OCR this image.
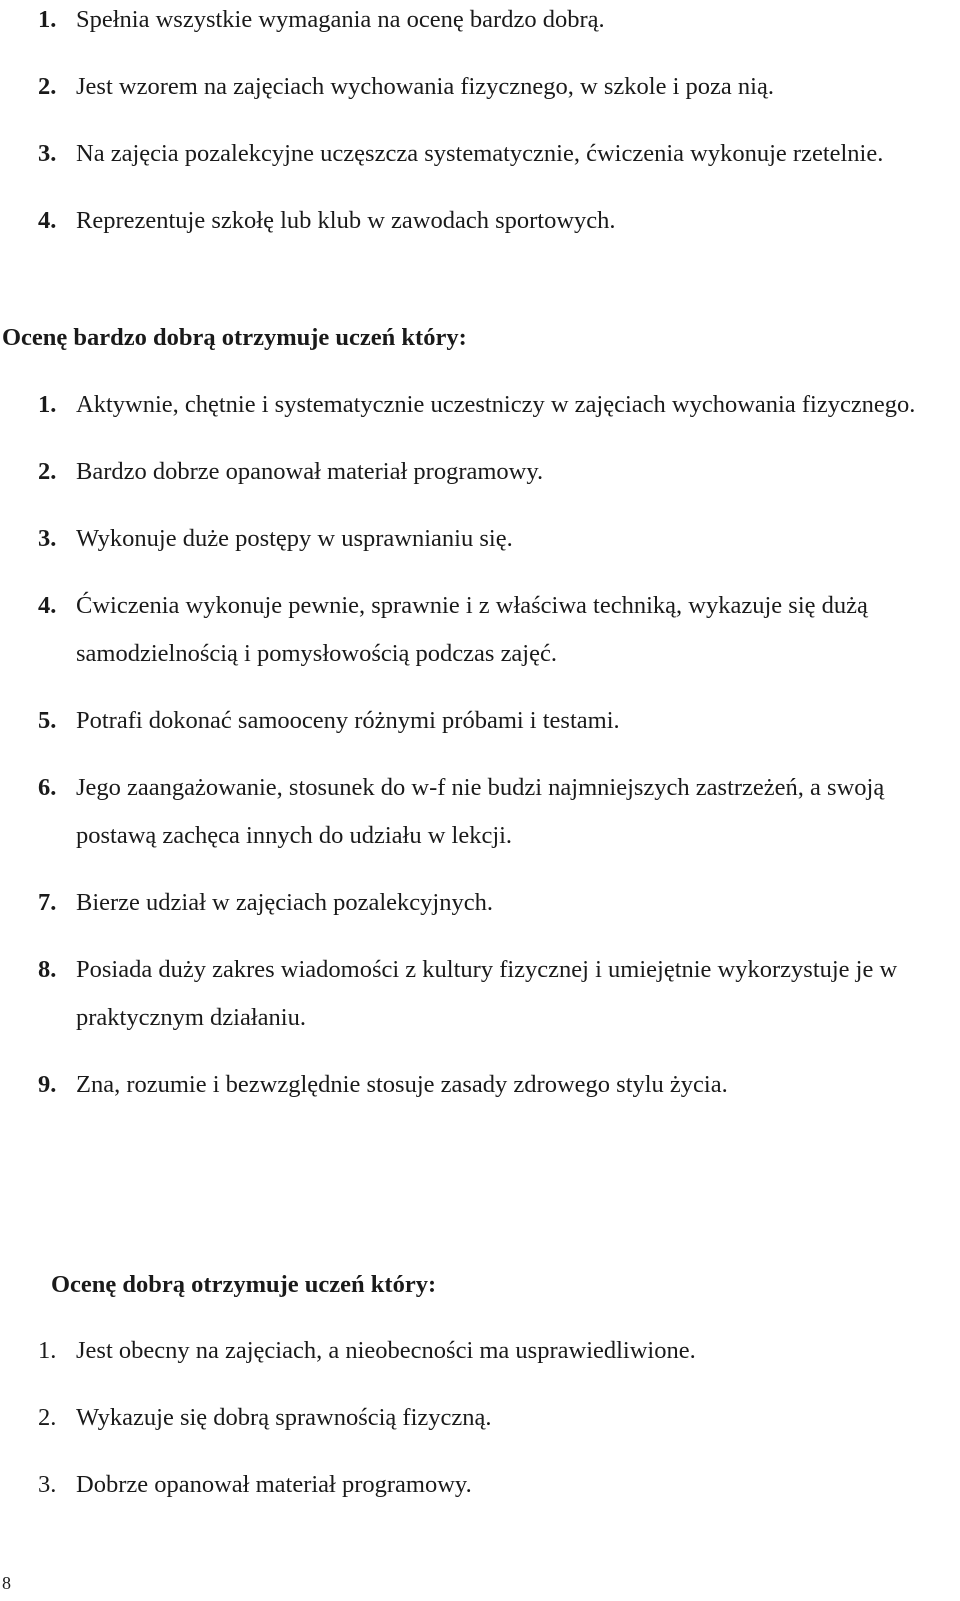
1. Spełnia wszystkie wymagania na ocenę bardzo dobrą.
2. Jest wzorem na zajęciach wychowania fizycznego, w szkole i poza nią.
3. Na zajęcia pozalekcyjne uczęszcza systematycznie, ćwiczenia wykonuje rzetelnie.
4. Reprezentuje szkołę lub klub w zawodach sportowych.
Ocenę bardzo dobrą otrzymuje uczeń który:
1. Aktywnie, chętnie i systematycznie uczestniczy w zajęciach wychowania fizycznego.
2. Bardzo dobrze opanował materiał programowy.
3. Wykonuje duże postępy w usprawnianiu się.
4. Ćwiczenia wykonuje pewnie, sprawnie i z właściwa techniką, wykazuje się dużą samodzielnością i pomysłowością podczas zajęć.
5. Potrafi dokonać samooceny różnymi próbami i testami.
6. Jego zaangażowanie, stosunek do w-f nie budzi najmniejszych zastrzeżeń, a swoją postawą zachęca innych do udziału w lekcji.
7. Bierze udział w zajęciach pozalekcyjnych.
8. Posiada duży zakres wiadomości z kultury fizycznej i umiejętnie wykorzystuje je w praktycznym działaniu.
9. Zna, rozumie i bezwzględnie stosuje zasady zdrowego stylu życia.
Ocenę dobrą otrzymuje uczeń który:
1. Jest obecny na zajęciach, a nieobecności ma usprawiedliwione.
2. Wykazuje się dobrą sprawnością fizyczną.
3. Dobrze opanował materiał programowy.
8
